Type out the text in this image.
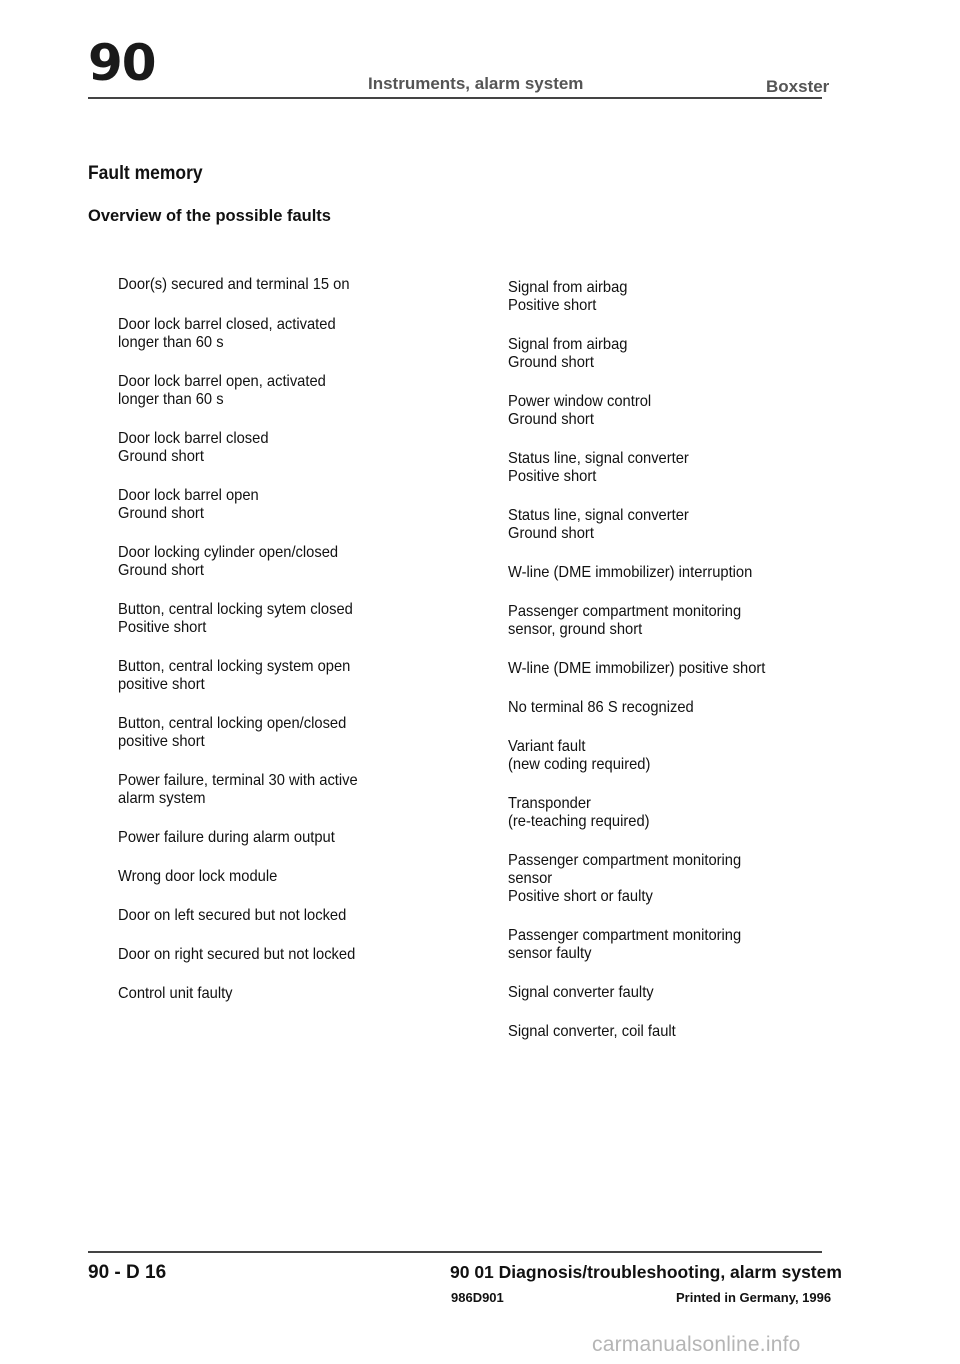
90	Instruments, alarm system	Boxster
Fault memory
Overview of the possible faults
Door(s) secured and terminal 15 on
Door lock barrel closed, activated
longer than 60 s
Door lock barrel open, activated
longer than 60 s
Door lock barrel closed
Ground short
Door lock barrel open
Ground short
Door locking cylinder open/closed
Ground short
Button, central locking sytem closed
Positive short
Button, central locking system open
positive short
Button, central locking open/closed
positive short
Power failure, terminal 30 with active
alarm system
Power failure during alarm output
Wrong door lock module
Door on left secured but not locked
Door on right secured but not locked
Control unit faulty
Signal from airbag
Positive short
Signal from airbag
Ground short
Power window control
Ground short
Status line, signal converter
Positive short
Status line, signal converter
Ground short
W-line (DME immobilizer) interruption
Passenger compartment monitoring
sensor, ground short
W-line (DME immobilizer) positive short
No terminal 86 S recognized
Variant fault
(new coding required)
Transponder
(re-teaching required)
Passenger compartment monitoring
sensor
Positive short or faulty
Passenger compartment monitoring
sensor faulty
Signal converter faulty
Signal converter, coil fault
90 - D 16	90 01 Diagnosis/troubleshooting, alarm system
986D901	Printed in Germany, 1996
carmanualsonline.info
